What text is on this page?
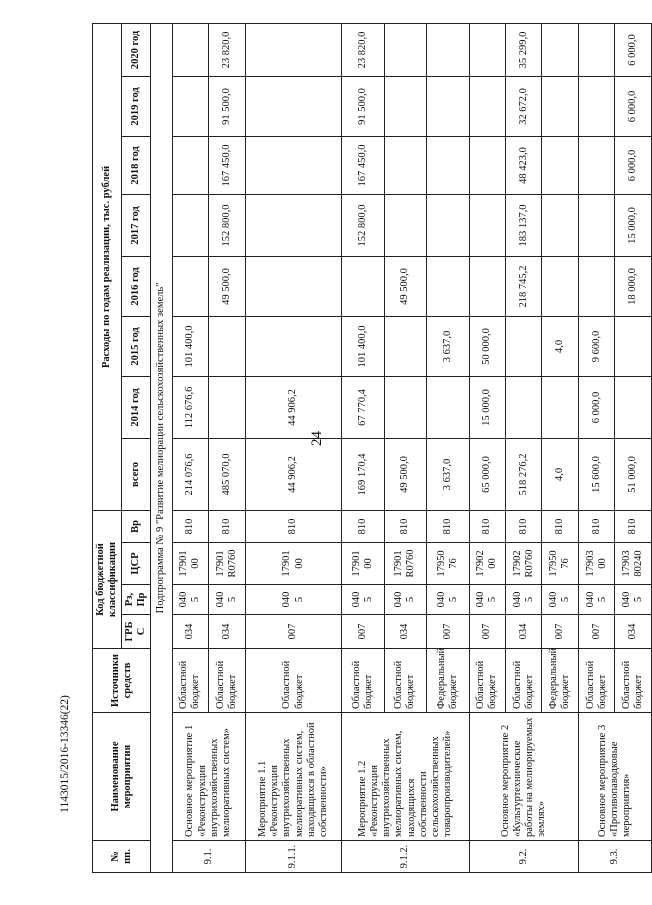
24
1143015/2016-13346(22)
№ пп.	Наименование мероприятия	Источники средств	Код бюджетной классификации				Расходы по годам реализации, тыс. рублей							
			ГРБ С	Рз, Пр	ЦСР	Вр	всего	2014 год	2015 год	2016 год	2017 год	2018 год	2019 год	2020 год
Подпрограмма № 9 "Развитие мелиорации сельскохозяйственных земель"														
9.1.	Основное мероприятие 1 «Реконструкция внутрихозяйственных мелиоративных систем»	Областной бюджет	034	040 5	17901 00	810	214 076,6	112 676,6	101 400,0					
		Областной бюджет	034	040 5	17901 R0760	810	485 070,0			49 500,0	152 800,0	167 450,0	91 500,0	23 820,0
9.1.1.	Мероприятие 1.1 «Реконструкция внутрихозяйственных мелиоративных систем, находящихся в областной собственности»	Областной бюджет	007	040 5	17901 00	810	44 906,2	44 906,2						
9.1.2.	Мероприятие 1.2 «Реконструкция внутрихозяйственных мелиоративных систем, находящихся собственности сельскохозяйственных товаропроизводителей»	Областной бюджет	007	040 5	17901 00	810	169 170,4	67 770,4	101 400,0		152 800,0	167 450,0	91 500,0	23 820,0
		Областной бюджет	034	040 5	17901 R0760	810	49 500,0			49 500,0				
		Федеральный бюджет	007	040 5	17950 76	810	3 637,0		3 637,0					
9.2.	Основное мероприятие 2 «Культуртехнические работы на мелиорируемых землях»	Областной бюджет	007	040 5	17902 00	810	65 000,0	15 000,0	50 000,0					
		Областной бюджет	034	040 5	17902 R0760	810	518 276,2			218 745,2	183 137,0	48 423,0	32 672,0	35 299,0
		Федеральный бюджет	007	040 5	17950 76	810	4,0		4,0					
9.3.	Основное мероприятие 3 «Противопаводковые мероприятия»	Областной бюджет	007	040 5	17903 00	810	15 600,0	6 000,0	9 600,0					
		Областной бюджет	034	040 5	17903 80240	810	51 000,0			18 000,0	15 000,0	6 000,0	6 000,0	6 000,0
